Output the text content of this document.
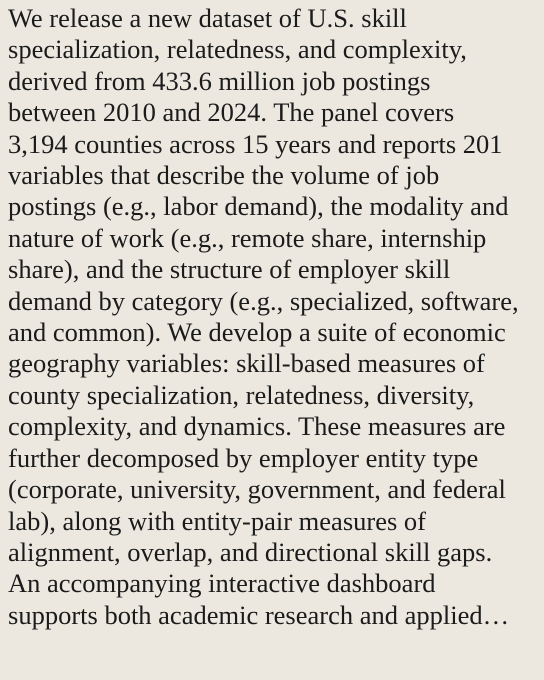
We release a new dataset of U.S. skill
specialization, relatedness, and complexity,
derived from 433.6 million job postings
between 2010 and 2024. The panel covers
3,194 counties across 15 years and reports 201
variables that describe the volume of job
postings (e.g., labor demand), the modality and
nature of work (e.g., remote share, internship
share), and the structure of employer skill
demand by category (e.g., specialized, software,
and common). We develop a suite of economic
geography variables: skill-based measures of
county specialization, relatedness, diversity,
complexity, and dynamics. These measures are
further decomposed by employer entity type
(corporate, university, government, and federal
lab), along with entity-pair measures of
alignment, overlap, and directional skill gaps.
An accompanying interactive dashboard
supports both academic research and applied…
